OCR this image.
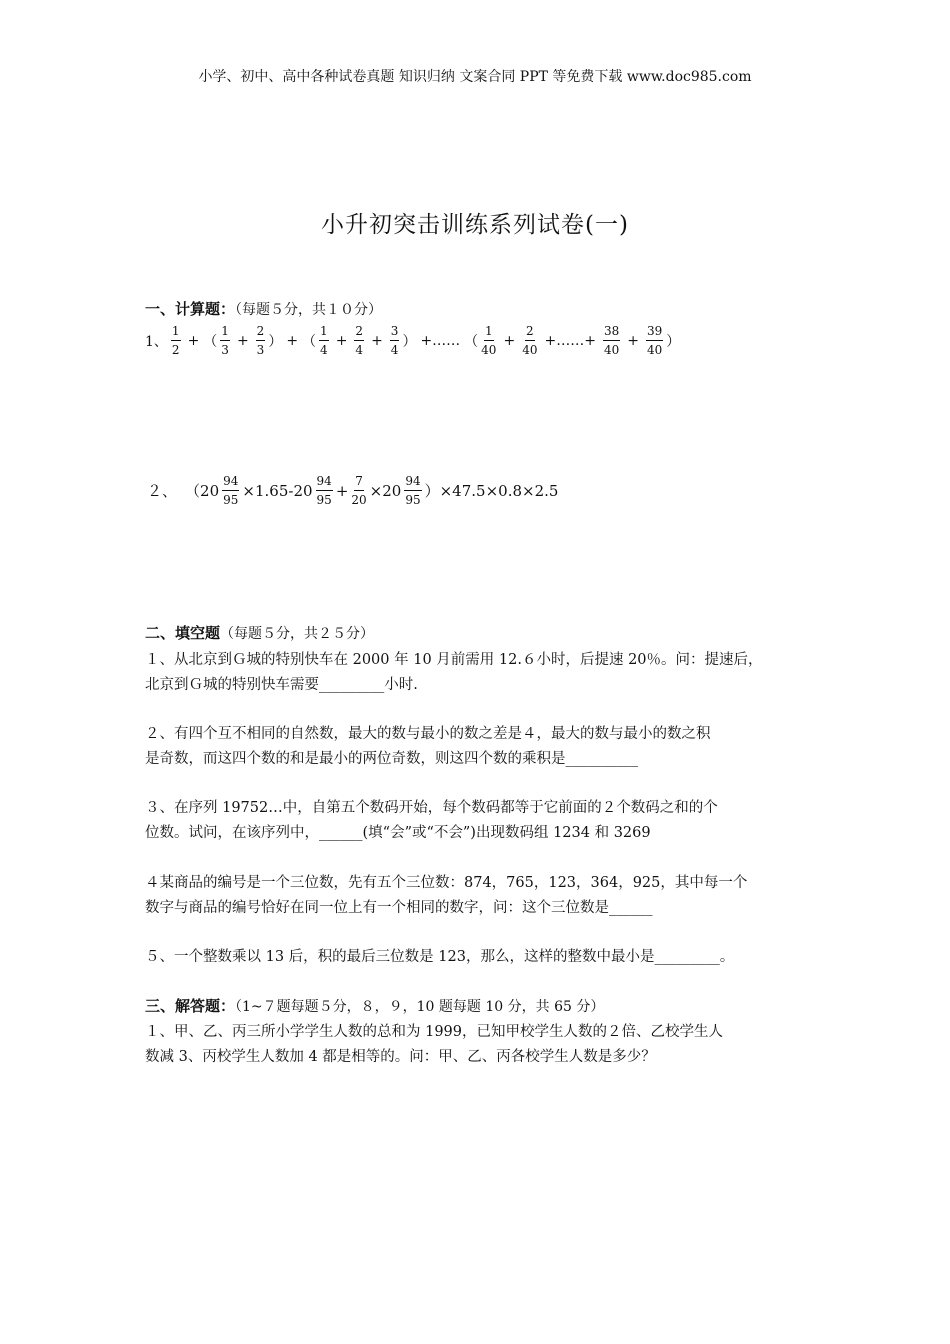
小学、初中、高中各种试卷真题 知识归纳 文案合同 PPT 等免费下载 www.doc985.com
小升初突击训练系列试卷(一)
一、计算题：（每题５分，共１０分）
1、 $\frac{1}{2}$ + （ $\frac{1}{3} + \frac{2}{3}$ ） + （ $\frac{1}{4} + \frac{2}{4} + \frac{3}{4}$ ） +…… （ $\frac{1}{40} + \frac{2}{40}$ +……+ $\frac{38}{40} + \frac{39}{40}$ ）
２、 （ $20 \frac{94}{95} \times 1.65-20 \frac{94}{95} + \frac{7}{20} \times 20 \frac{94}{95} )\times 47.5\times 0.8\times 2.5$
二、填空题（每题５分，共２５分）
１、从北京到Ｇ城的特别快车在 2000 年 10 月前需用 12.６小时，后提速 20％。问：提速后，
北京到Ｇ城的特别快车需要_________小时.
２、有四个互不相同的自然数，最大的数与最小的数之差是４，最大的数与最小的数之积
是奇数，而这四个数的和是最小的两位奇数，则这四个数的乘积是__________
３、在序列 19752…中，自第五个数码开始，每个数码都等于它前面的２个数码之和的个
位数。试问，在该序列中，______(填“会”或“不会”)出现数码组 1234 和 3269
４某商品的编号是一个三位数，先有五个三位数：874，765，123，364，925，其中每一个
数字与商品的编号恰好在同一位上有一个相同的数字，问：这个三位数是______
５、一个整数乘以 13 后，积的最后三位数是 123，那么，这样的整数中最小是_________。
三、解答题：（1~７题每题５分，８，９，10 题每题 10 分，共 65 分）
１、甲、乙、丙三所小学学生人数的总和为 1999，已知甲校学生人数的２倍、乙校学生人
数减 3、丙校学生人数加 4 都是相等的。问：甲、乙、丙各校学生人数是多少？
